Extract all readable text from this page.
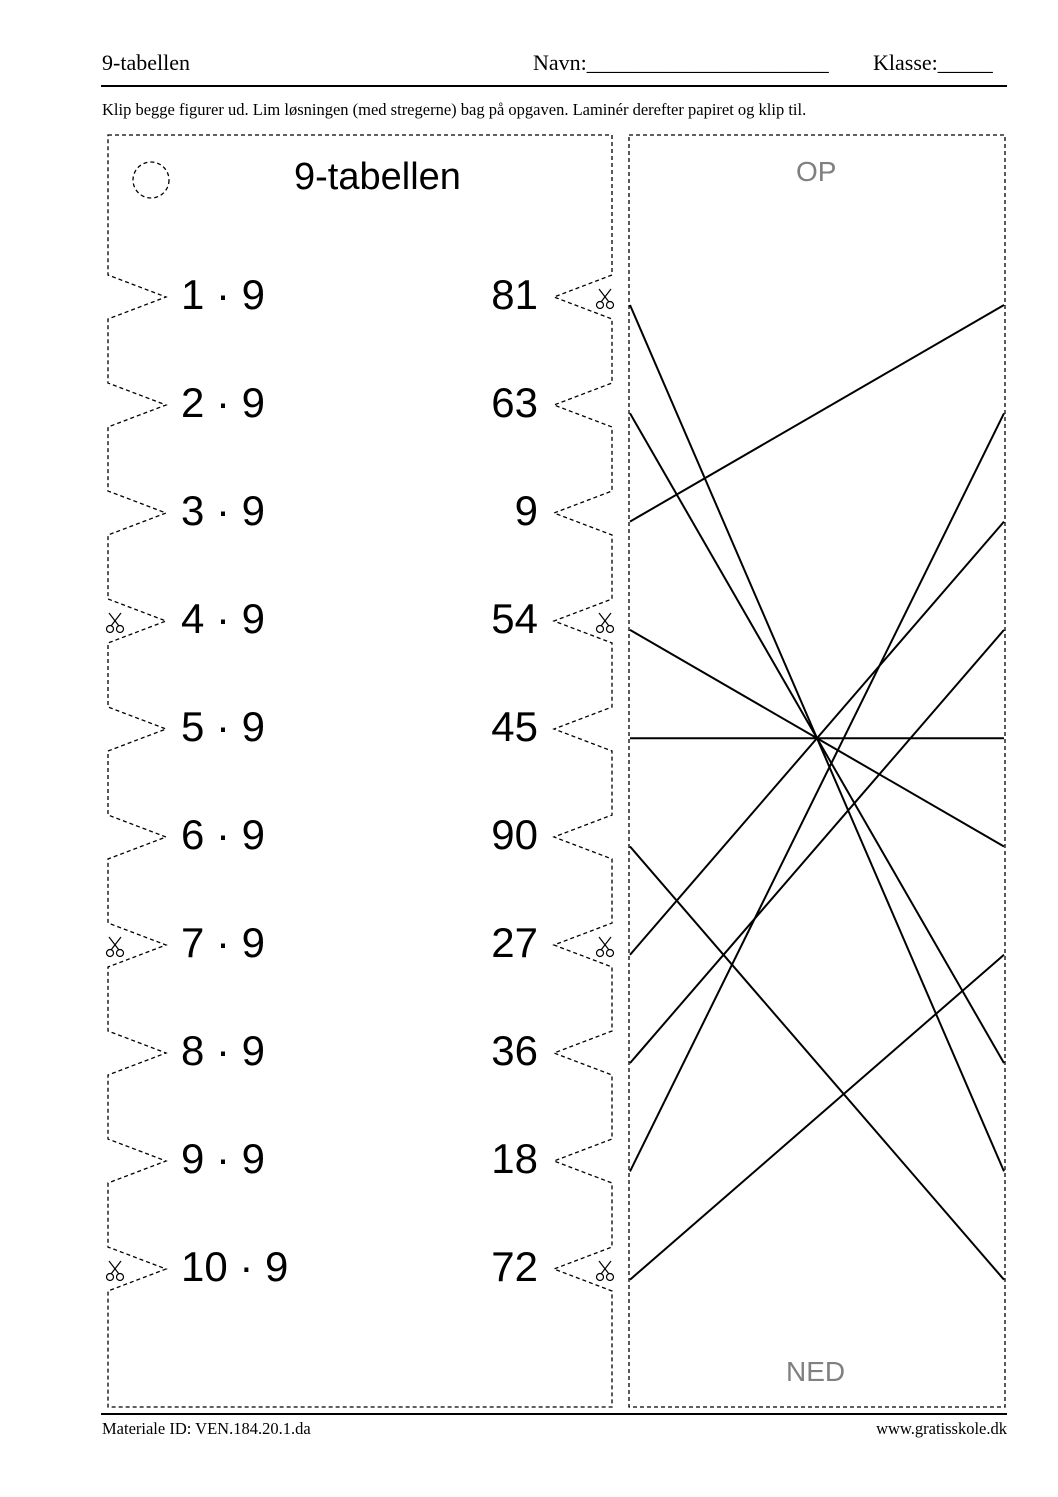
9-tabellen	Navn:______________________ Klasse:_____
Klip begge figurer ud. Lim løsningen (med stregerne) bag på opgaven. Laminér derefter papiret og klip til.
9-tabellen
1 · 9
2 · 9
3 · 9
4 · 9
5 · 9
6 · 9
7 · 9
8 · 9
9 · 9
10 · 9
81
63
9
54
45
90
27
36
18
72
OP
NED
Materiale ID: VEN.184.20.1.da	www.gratisskole.dk
